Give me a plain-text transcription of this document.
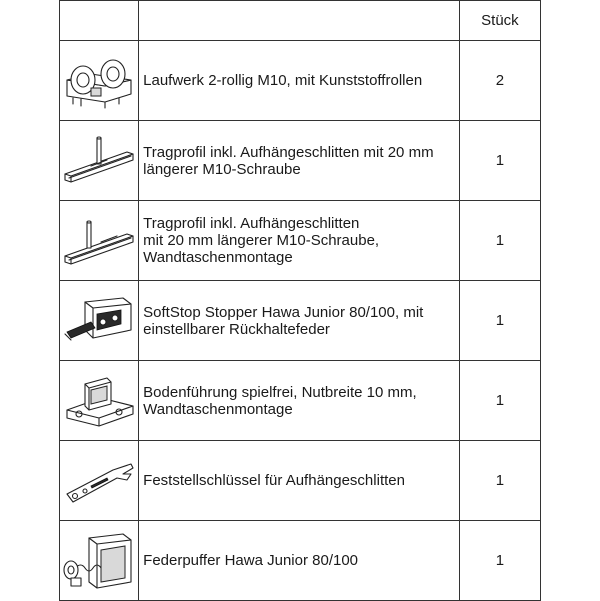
		Stück

Laufwerk 2-rollig M10, mit Kunststoffrollen	2

Tragprofil inkl. Aufhängeschlitten mit 20 mm
längerer M10-Schraube	1

Tragprofil inkl. Aufhängeschlitten
mit 20 mm längerer M10-Schraube,
Wandtaschenmontage	1

SoftStop Stopper Hawa Junior 80/100, mit
einstellbarer Rückhaltefeder	1

Bodenführung spielfrei, Nutbreite 10 mm,
Wandtaschenmontage	1

Feststellschlüssel für Aufhängeschlitten	1

Federpuffer Hawa Junior 80/100	1
